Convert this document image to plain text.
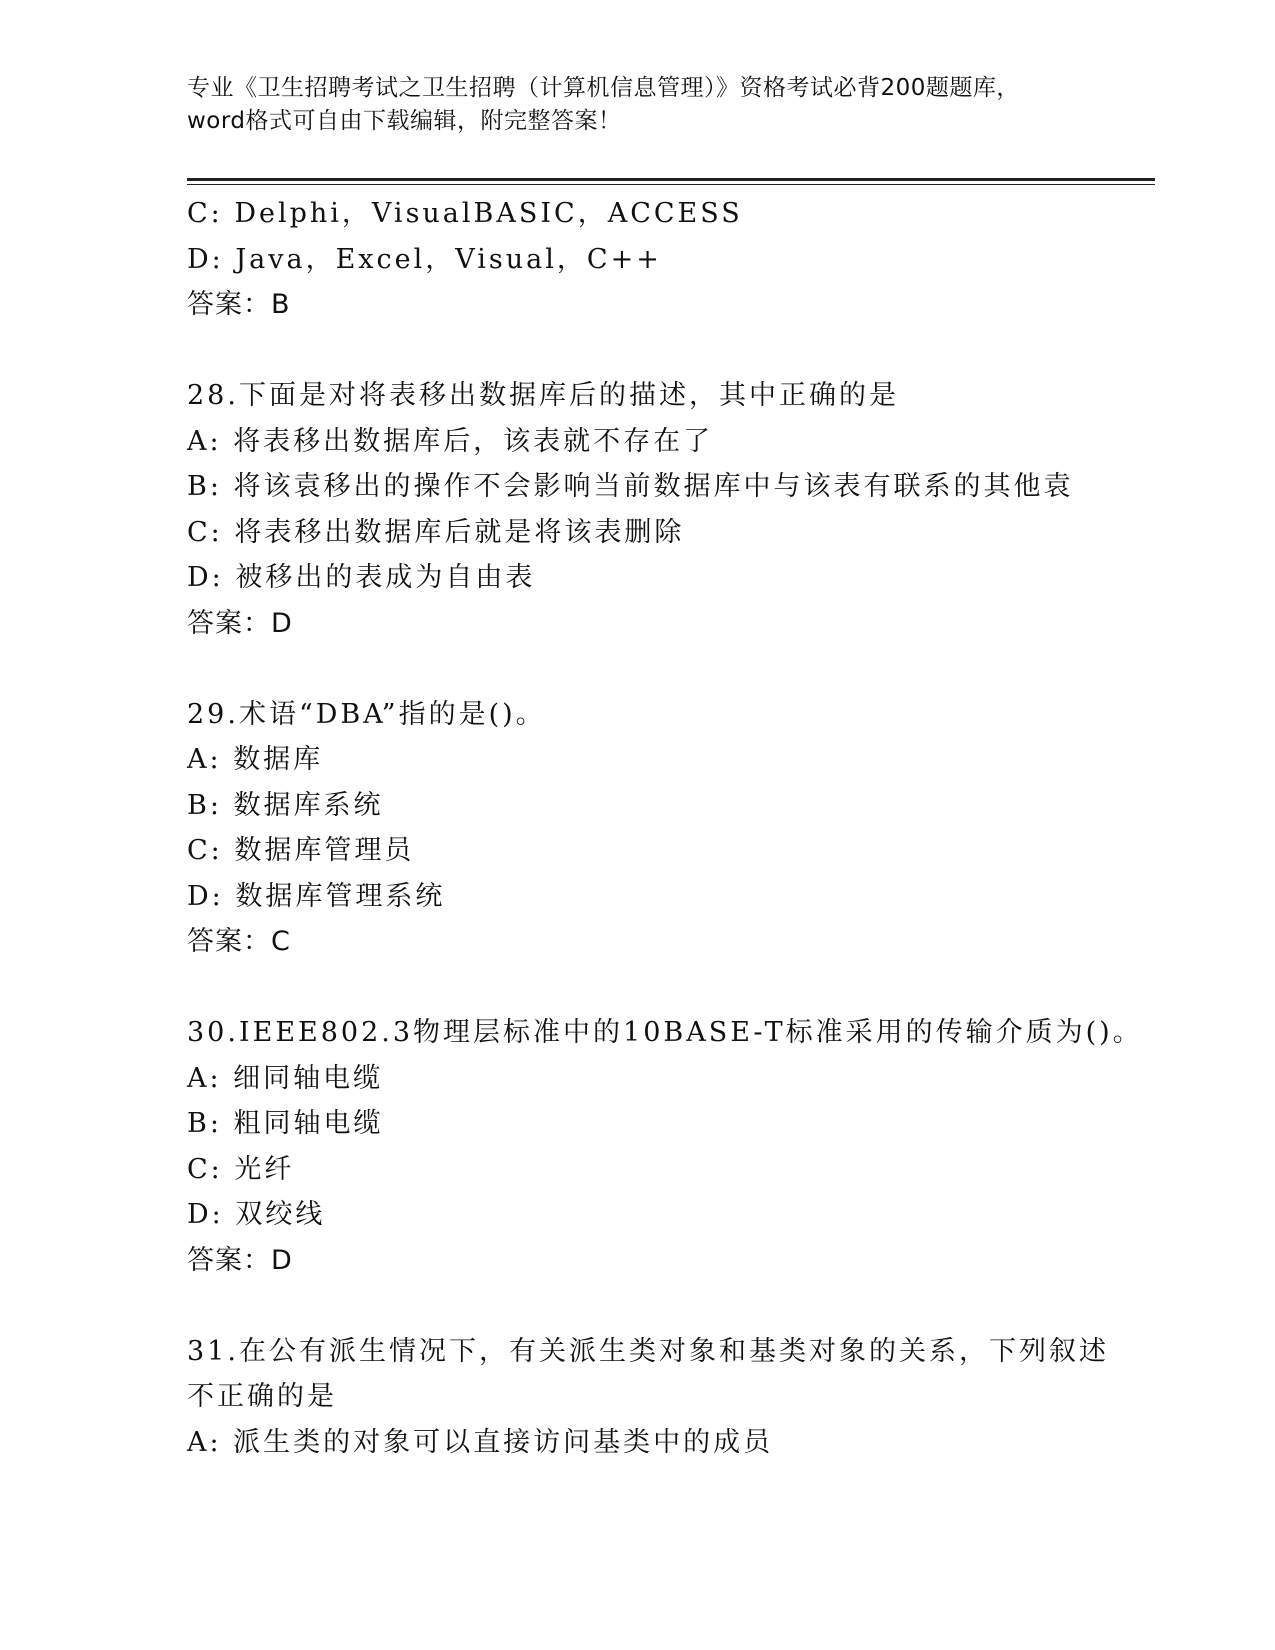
专业《卫生招聘考试之卫生招聘（计算机信息管理）》资格考试必背200题题库，
word格式可自由下载编辑，附完整答案！
C: Delphi，VisualBASIC，ACCESS
D: Java，Excel，Visual，C++
答案：B
28.下面是对将表移出数据库后的描述，其中正确的是
A: 将表移出数据库后，该表就不存在了
B: 将该袁移出的操作不会影响当前数据库中与该表有联系的其他袁
C: 将表移出数据库后就是将该表删除
D: 被移出的表成为自由表
答案：D
29.术语“DBA”指的是()。
A: 数据库
B: 数据库系统
C: 数据库管理员
D: 数据库管理系统
答案：C
30.IEEE802.3物理层标准中的10BASE-T标准采用的传输介质为()。
A: 细同轴电缆
B: 粗同轴电缆
C: 光纤
D: 双绞线
答案：D
31.在公有派生情况下，有关派生类对象和基类对象的关系，下列叙述
不正确的是
A: 派生类的对象可以直接访问基类中的成员
